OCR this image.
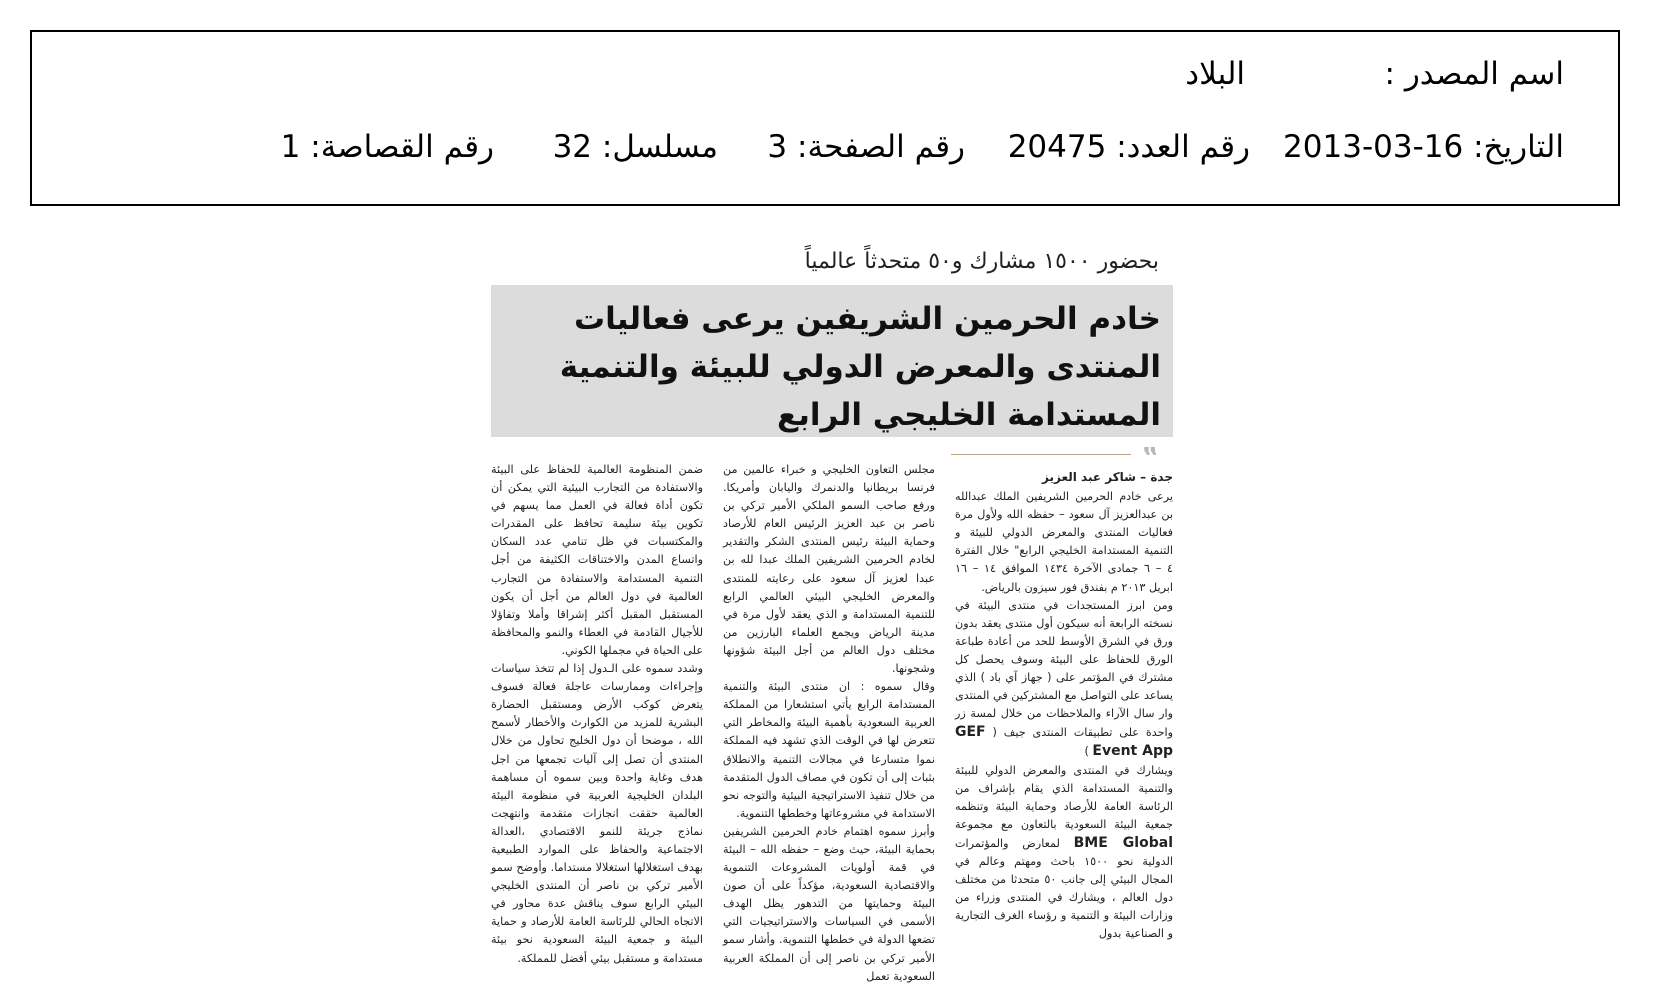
اسم المصدر :
البلاد
التاريخ: 2013-03-16
رقم العدد: 20475
رقم الصفحة: 3
مسلسل: 32
رقم القصاصة: 1
بحضور ١٥٠٠ مشارك و٥٠ متحدثاً عالمياً
خادم الحرمين الشريفين يرعى فعاليات المنتدى والمعرض الدولي للبيئة والتنمية المستدامة الخليجي الرابع
‟

جدة – شاكر عبد العزيز

يرعى خادم الحرمين الشريفين الملك عبدالله بن عبدالعزيز آل سعود – حفظه الله ولأول مرة فعاليات المنتدى والمعرض الدولي للبيئة و التنمية المستدامة الخليجي الرابع" خلال الفترة ٤ – ٦ جمادى الآخرة ١٤٣٤ الموافق ١٤ – ١٦ ابريل ٢٠١٣ م بفندق فور سيزون بالرياض.

ومن ابرز المستجدات في منتدى البيئة في نسخته الرابعة أنه سيكون أول منتدى يعقد بدون ورق في الشرق الأوسط للحد من أعادة طباعة الورق للحفاظ على البيئة وسوف يحصل كل مشترك في المؤتمر على ( جهاز آي باد ) الذي يساعد على التواصل مع المشتركين في المنتدى وار سال الآراء والملاحظات من خلال لمسة زر واحدة على تطبيقات المنتدى جيف ( GEF Event App )

ويشارك في المنتدى والمعرض الدولي للبيئة والتنمية المستدامة الذي يقام بإشراف من الرئاسة العامة للأرصاد وحماية البيئة وتنظمه جمعية البيئة السعودية بالتعاون مع مجموعة BME Global لمعارض والمؤتمرات الدولية نحو ١٥٠٠ باحث ومهتم وعالم في المجال البيئي إلى جانب ٥٠ متحدثا من مختلف دول العالم ، ويشارك في المنتدى وزراء من وزارات البيئة و التنمية و رؤساء الغرف التجارية و الصناعية بدول

مجلس التعاون الخليجي و خبراء عالمين من فرنسا بريطانيا والدنمرك واليابان وأمريكا. ورفع صاحب السمو الملكي الأمير تركي بن ناصر بن عبد العزيز الرئيس العام للأرصاد وحماية البيئة رئيس المنتدى الشكر والتقدير لخادم الحرمين الشريفين الملك عبدا لله بن عبدا لعزيز آل سعود على رعايته للمنتدى والمعرض الخليجي البيئي العالمي الرابع للتنمية المستدامة و الذي يعقد لأول مرة في مدينة الرياض ويجمع العلماء البارزين من مختلف دول العالم من أجل البيئة شؤونها وشجونها.

وقال سموه : ان منتدى البيئة والتنمية المستدامة الرابع يأتي استشعارا من المملكة العربية السعودية بأهمية البيئة والمخاطر التي تتعرض لها في الوقت الذي تشهد فيه المملكة نموا متسارعا في مجالات التنمية والانطلاق بثبات إلى أن تكون في مصاف الدول المتقدمة من خلال تنفيذ الاستراتيجية البيئية والتوجه نحو الاستدامة في مشروعاتها وخططها التنموية.

وأبرز سموه اهتمام خادم الحرمين الشريفين بحماية البيئة، حيث وضع – حفظه الله – البيئة في قمة أولويات المشروعات التنموية والاقتصادية السعودية، مؤكداً على أن صون البيئة وحمايتها من التدهور يظل الهدف الأسمى في السياسات والاستراتيجيات التي تضعها الدولة في خططها التنموية. وأشار سمو الأمير تركي بن ناصر إلى أن المملكة العربية السعودية تعمل

ضمن المنظومة العالمية للحفاظ على البيئة والاستفادة من التجارب البيئية التي يمكن أن تكون أداة فعالة في العمل مما يسهم في تكوين بيئة سليمة تحافظ على المقدرات والمكتسبات في ظل تنامي عدد السكان واتساع المدن والاختناقات الكثيفة من أجل التنمية المستدامة والاستفادة من التجارب العالمية في دول العالم من أجل أن يكون المستقبل المقبل أكثر إشراقا وأملا وتفاؤلا للأجيال القادمة في العطاء والنمو والمحافظة على الحياة في مجملها الكوني.

وشدد سموه على الـدول إذا لم تتخذ سياسات وإجراءات وممارسات عاجلة فعالة فسوف يتعرض كوكب الأرض ومستقبل الحضارة البشرية للمزيد من الكوارث والأخطار لأسمح الله ، موضحا أن دول الخليج تحاول من خلال المنتدى أن تصل إلى آليات تجمعها من اجل هدف وغاية واحدة وبين سموه أن مساهمة البلدان الخليجية العربية في منظومة البيئة العالمية حققت انجازات متقدمة وانتهجت نماذج جريئة للنمو الاقتصادي ،العدالة الاجتماعية والحفاظ على الموارد الطبيعية بهدف استغلالها استغلالا مستداما. وأوضح سمو الأمير تركي بن ناصر أن المنتدى الخليجي البيئي الرابع سوف يناقش عدة محاور في الاتجاه الحالي للرئاسة العامة للأرصاد و حماية البيئة و جمعية البيئة السعودية نحو بيئة مستدامة و مستقبل بيئي أفضل للمملكة.
